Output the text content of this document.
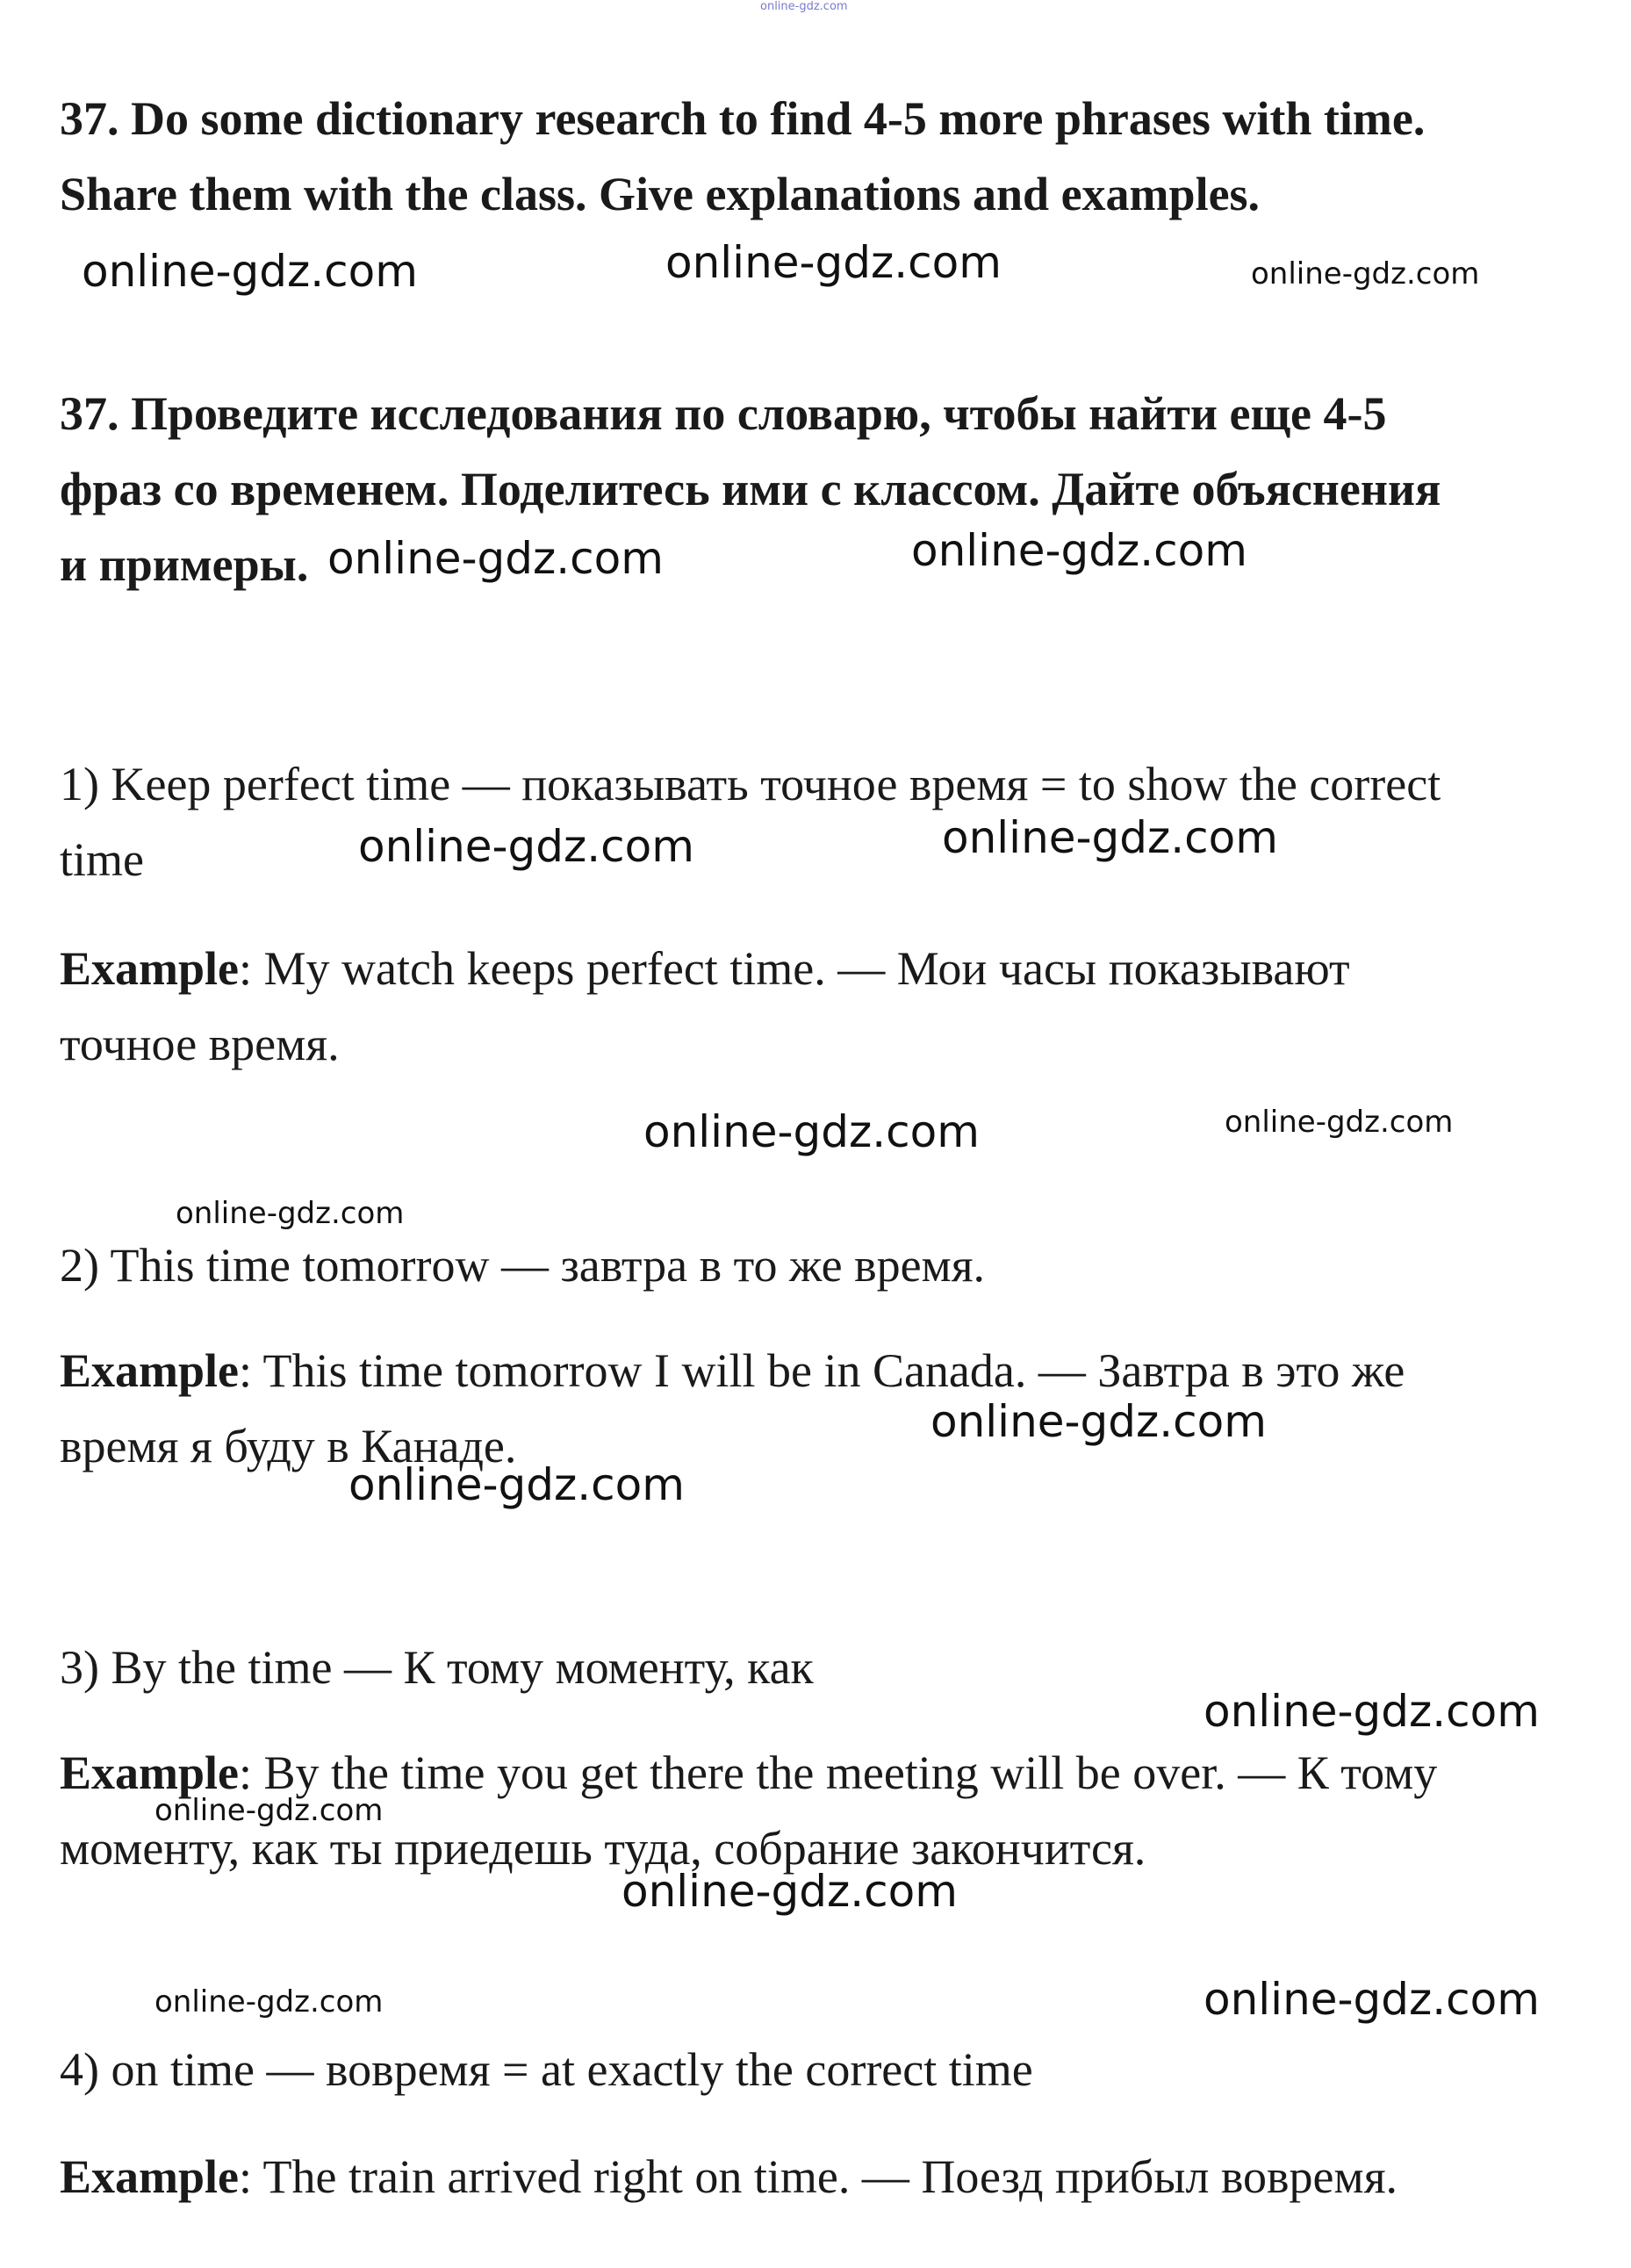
online-gdz.com
37. Do some dictionary research to find 4-5 more phrases with time.
Share them with the class. Give explanations and examples.
37. Проведите исследования по словарю, чтобы найти еще 4-5
фраз со временем. Поделитесь ими с классом. Дайте объяснения
и примеры.
1) Keep perfect time — показывать точное время = to show the correct
time
Example: My watch keeps perfect time. — Мои часы показывают
точное время.
2) This time tomorrow — завтра в то же время.
Example: This time tomorrow I will be in Canada. — Завтра в это же
время я буду в Канаде.
3) By the time — К тому моменту, как
Example: By the time you get there the meeting will be over. — К тому
моменту, как ты приедешь туда, собрание закончится.
4) on time — вовремя = at exactly the correct time
Example: The train arrived right on time. — Поезд прибыл вовремя.
online-gdz.com	online-gdz.com	online-gdz.com
online-gdz.com	online-gdz.com
online-gdz.com	online-gdz.com
online-gdz.com	online-gdz.com
online-gdz.com
online-gdz.com
online-gdz.com
online-gdz.com
online-gdz.com
online-gdz.com
online-gdz.com	online-gdz.com
